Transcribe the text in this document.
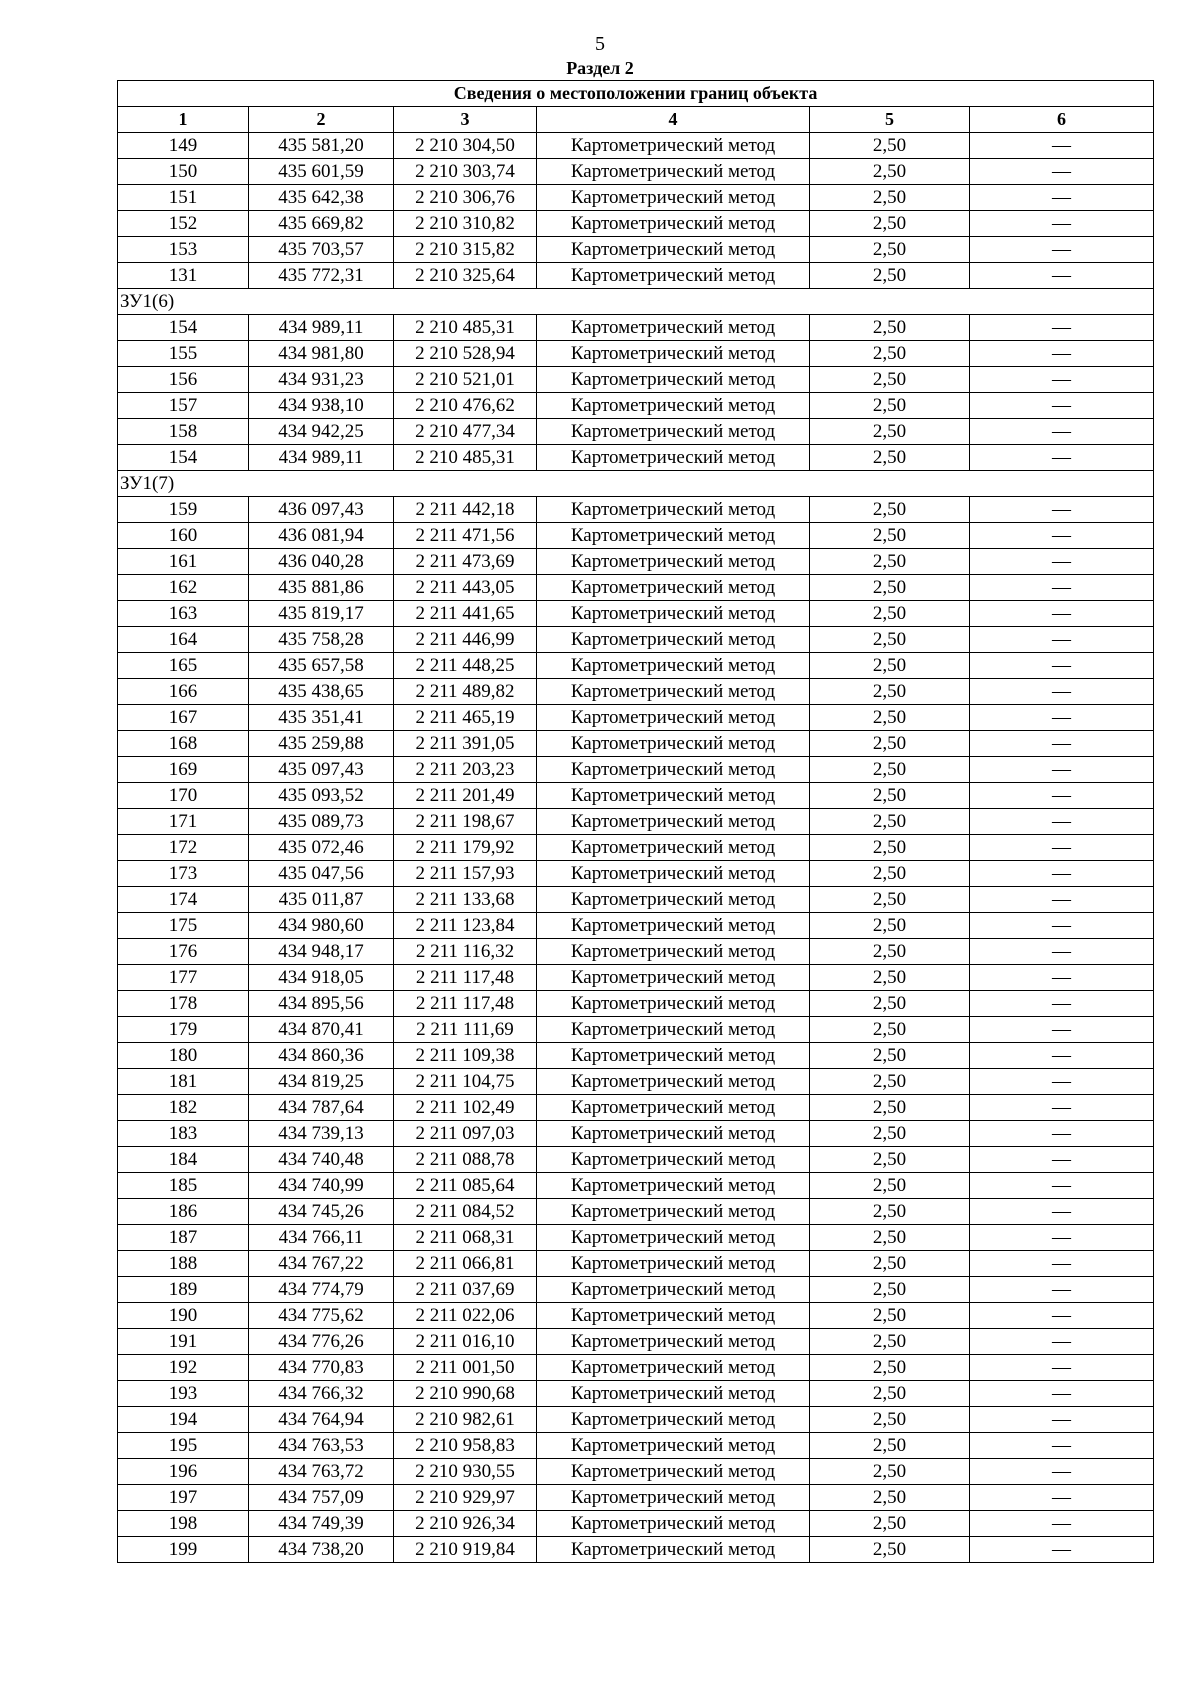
5
Раздел 2
Сведения о местоположении границ объекта					
1	2	3	4	5	6
149	435 581,20	2 210 304,50	Картометрический метод	2,50	—
150	435 601,59	2 210 303,74	Картометрический метод	2,50	—
151	435 642,38	2 210 306,76	Картометрический метод	2,50	—
152	435 669,82	2 210 310,82	Картометрический метод	2,50	—
153	435 703,57	2 210 315,82	Картометрический метод	2,50	—
131	435 772,31	2 210 325,64	Картометрический метод	2,50	—
ЗУ1(6)					
154	434 989,11	2 210 485,31	Картометрический метод	2,50	—
155	434 981,80	2 210 528,94	Картометрический метод	2,50	—
156	434 931,23	2 210 521,01	Картометрический метод	2,50	—
157	434 938,10	2 210 476,62	Картометрический метод	2,50	—
158	434 942,25	2 210 477,34	Картометрический метод	2,50	—
154	434 989,11	2 210 485,31	Картометрический метод	2,50	—
ЗУ1(7)					
159	436 097,43	2 211 442,18	Картометрический метод	2,50	—
160	436 081,94	2 211 471,56	Картометрический метод	2,50	—
161	436 040,28	2 211 473,69	Картометрический метод	2,50	—
162	435 881,86	2 211 443,05	Картометрический метод	2,50	—
163	435 819,17	2 211 441,65	Картометрический метод	2,50	—
164	435 758,28	2 211 446,99	Картометрический метод	2,50	—
165	435 657,58	2 211 448,25	Картометрический метод	2,50	—
166	435 438,65	2 211 489,82	Картометрический метод	2,50	—
167	435 351,41	2 211 465,19	Картометрический метод	2,50	—
168	435 259,88	2 211 391,05	Картометрический метод	2,50	—
169	435 097,43	2 211 203,23	Картометрический метод	2,50	—
170	435 093,52	2 211 201,49	Картометрический метод	2,50	—
171	435 089,73	2 211 198,67	Картометрический метод	2,50	—
172	435 072,46	2 211 179,92	Картометрический метод	2,50	—
173	435 047,56	2 211 157,93	Картометрический метод	2,50	—
174	435 011,87	2 211 133,68	Картометрический метод	2,50	—
175	434 980,60	2 211 123,84	Картометрический метод	2,50	—
176	434 948,17	2 211 116,32	Картометрический метод	2,50	—
177	434 918,05	2 211 117,48	Картометрический метод	2,50	—
178	434 895,56	2 211 117,48	Картометрический метод	2,50	—
179	434 870,41	2 211 111,69	Картометрический метод	2,50	—
180	434 860,36	2 211 109,38	Картометрический метод	2,50	—
181	434 819,25	2 211 104,75	Картометрический метод	2,50	—
182	434 787,64	2 211 102,49	Картометрический метод	2,50	—
183	434 739,13	2 211 097,03	Картометрический метод	2,50	—
184	434 740,48	2 211 088,78	Картометрический метод	2,50	—
185	434 740,99	2 211 085,64	Картометрический метод	2,50	—
186	434 745,26	2 211 084,52	Картометрический метод	2,50	—
187	434 766,11	2 211 068,31	Картометрический метод	2,50	—
188	434 767,22	2 211 066,81	Картометрический метод	2,50	—
189	434 774,79	2 211 037,69	Картометрический метод	2,50	—
190	434 775,62	2 211 022,06	Картометрический метод	2,50	—
191	434 776,26	2 211 016,10	Картометрический метод	2,50	—
192	434 770,83	2 211 001,50	Картометрический метод	2,50	—
193	434 766,32	2 210 990,68	Картометрический метод	2,50	—
194	434 764,94	2 210 982,61	Картометрический метод	2,50	—
195	434 763,53	2 210 958,83	Картометрический метод	2,50	—
196	434 763,72	2 210 930,55	Картометрический метод	2,50	—
197	434 757,09	2 210 929,97	Картометрический метод	2,50	—
198	434 749,39	2 210 926,34	Картометрический метод	2,50	—
199	434 738,20	2 210 919,84	Картометрический метод	2,50	—
